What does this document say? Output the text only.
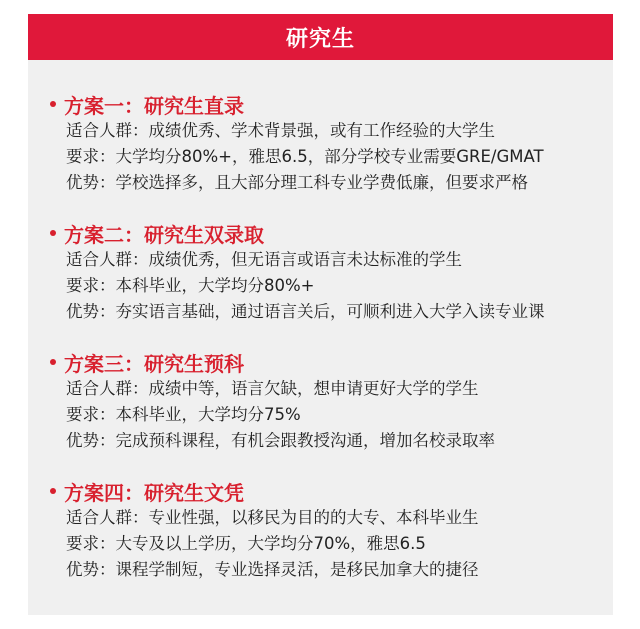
研究生
方案一：研究生直录
适合人群：成绩优秀、学术背景强，或有工作经验的大学生
要求：大学均分80%+，雅思6.5，部分学校专业需要GRE/GMAT
优势：学校选择多，且大部分理工科专业学费低廉，但要求严格
方案二：研究生双录取
适合人群：成绩优秀，但无语言或语言未达标准的学生
要求：本科毕业，大学均分80%+
优势：夯实语言基础，通过语言关后，可顺利进入大学入读专业课
方案三：研究生预科
适合人群：成绩中等，语言欠缺，想申请更好大学的学生
要求：本科毕业，大学均分75%
优势：完成预科课程，有机会跟教授沟通，增加名校录取率
方案四：研究生文凭
适合人群：专业性强，以移民为目的的大专、本科毕业生
要求：大专及以上学历，大学均分70%，雅思6.5
优势：课程学制短，专业选择灵活，是移民加拿大的捷径
